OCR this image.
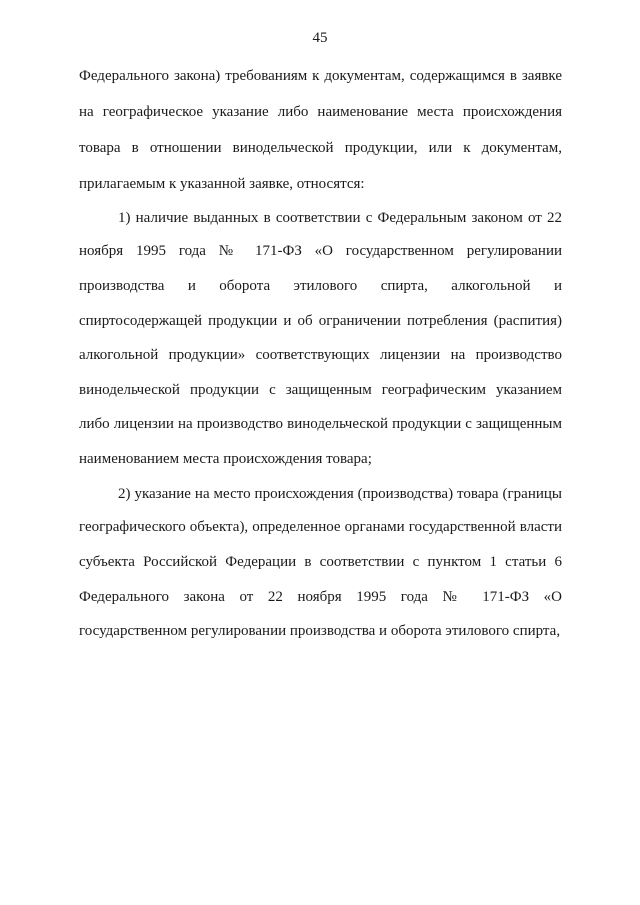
45
Федерального закона) требованиям к документам, содержащимся в заявке
на географическое указание либо наименование места происхождения
товара в отношении винодельческой продукции, или к документам,
прилагаемым к указанной заявке, относятся:
1) наличие выданных в соответствии с Федеральным законом от 22
ноября 1995 года № 171-ФЗ «О государственном регулировании
производства и оборота этилового спирта, алкогольной и
спиртосодержащей продукции и об ограничении потребления (распития)
алкогольной продукции» соответствующих лицензии на производство
винодельческой продукции с защищенным географическим указанием
либо лицензии на производство винодельческой продукции с защищенным
наименованием места происхождения товара;
2) указание на место происхождения (производства) товара (границы
географического объекта), определенное органами государственной власти
субъекта Российской Федерации в соответствии с пунктом 1 статьи 6
Федерального закона от 22 ноября 1995 года № 171-ФЗ «О
государственном регулировании производства и оборота этилового спирта,
